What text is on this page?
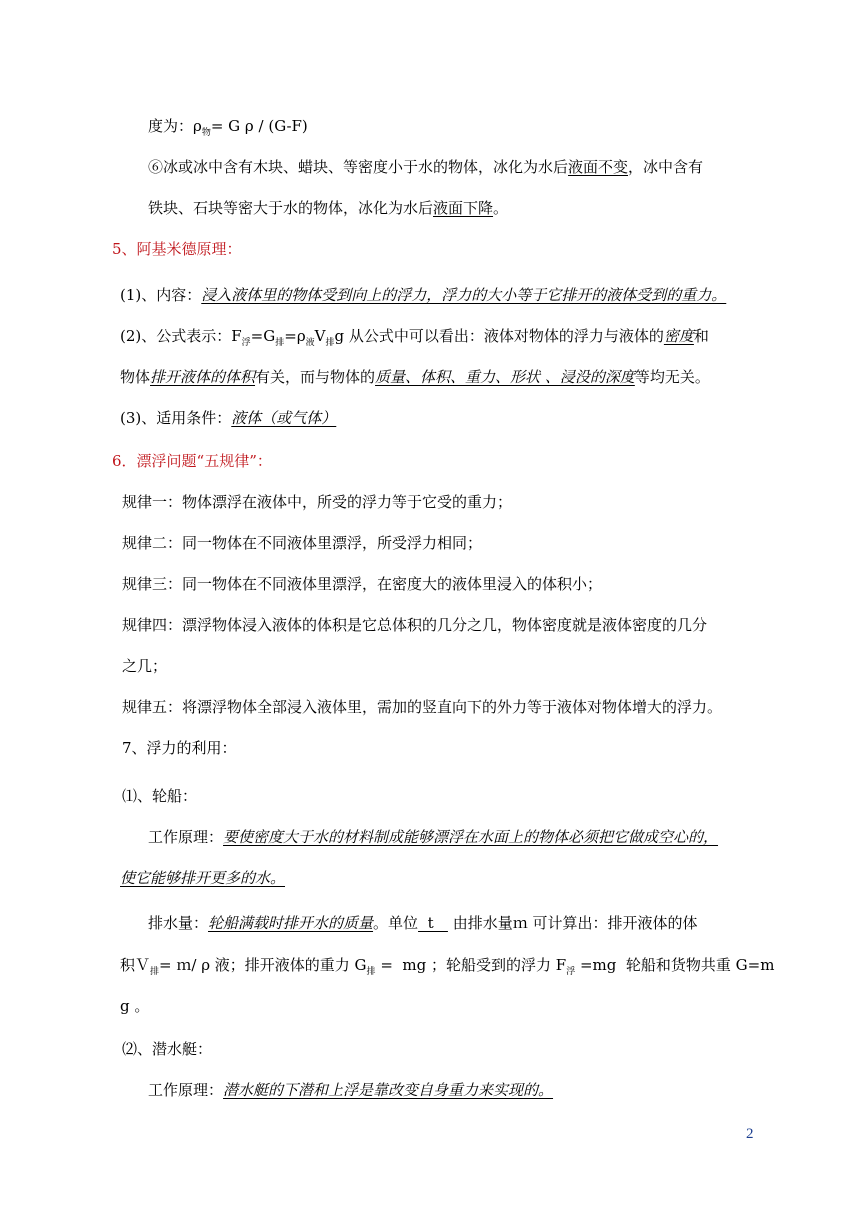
度为：$\rho_物= G$ ρ / (G-F)
⑥冰或冰中含有木块、蜡块、等密度小于水的物体，冰化为水后液面不变，冰中含有
铁块、石块等密大于水的物体，冰化为水后液面下降。
5、阿基米德原理：
(1)、内容：浸入液体里的物体受到向上的浮力，浮力的大小等于它排开的液体受到的重力。
(2)、公式表示：$F_浮=G_排=\rho_液V_排g$ 从公式中可以看出：液体对物体的浮力与液体的密度和
物体排开液体的体积有关，而与物体的质量、体积、重力、形状 、浸没的深度等均无关。
(3)、适用条件：液体（或气体）
6．漂浮问题“五规律”：
规律一：物体漂浮在液体中，所受的浮力等于它受的重力；
规律二：同一物体在不同液体里漂浮，所受浮力相同；
规律三：同一物体在不同液体里漂浮，在密度大的液体里浸入的体积小；
规律四：漂浮物体浸入液体的体积是它总体积的几分之几，物体密度就是液体密度的几分
之几；
规律五：将漂浮物体全部浸入液体里，需加的竖直向下的外力等于液体对物体增大的浮力。
7、浮力的利用：
⑴、轮船：
工作原理：要使密度大于水的材料制成能够漂浮在水面上的物体必须把它做成空心的，
使它能够排开更多的水。
排水量：轮船满载时排开水的质量。单位  t    由排水量ｍ 可计算出：排开液体的体
积Ｖ$_排$= ｍ/ ρ 液；排开液体的重力 $G_排$ =  mg ；轮船受到的浮力 $F_浮 =mg$  轮船和货物共重 G=m
g 。
⑵、潜水艇：
工作原理：潜水艇的下潜和上浮是靠改变自身重力来实现的。
2
